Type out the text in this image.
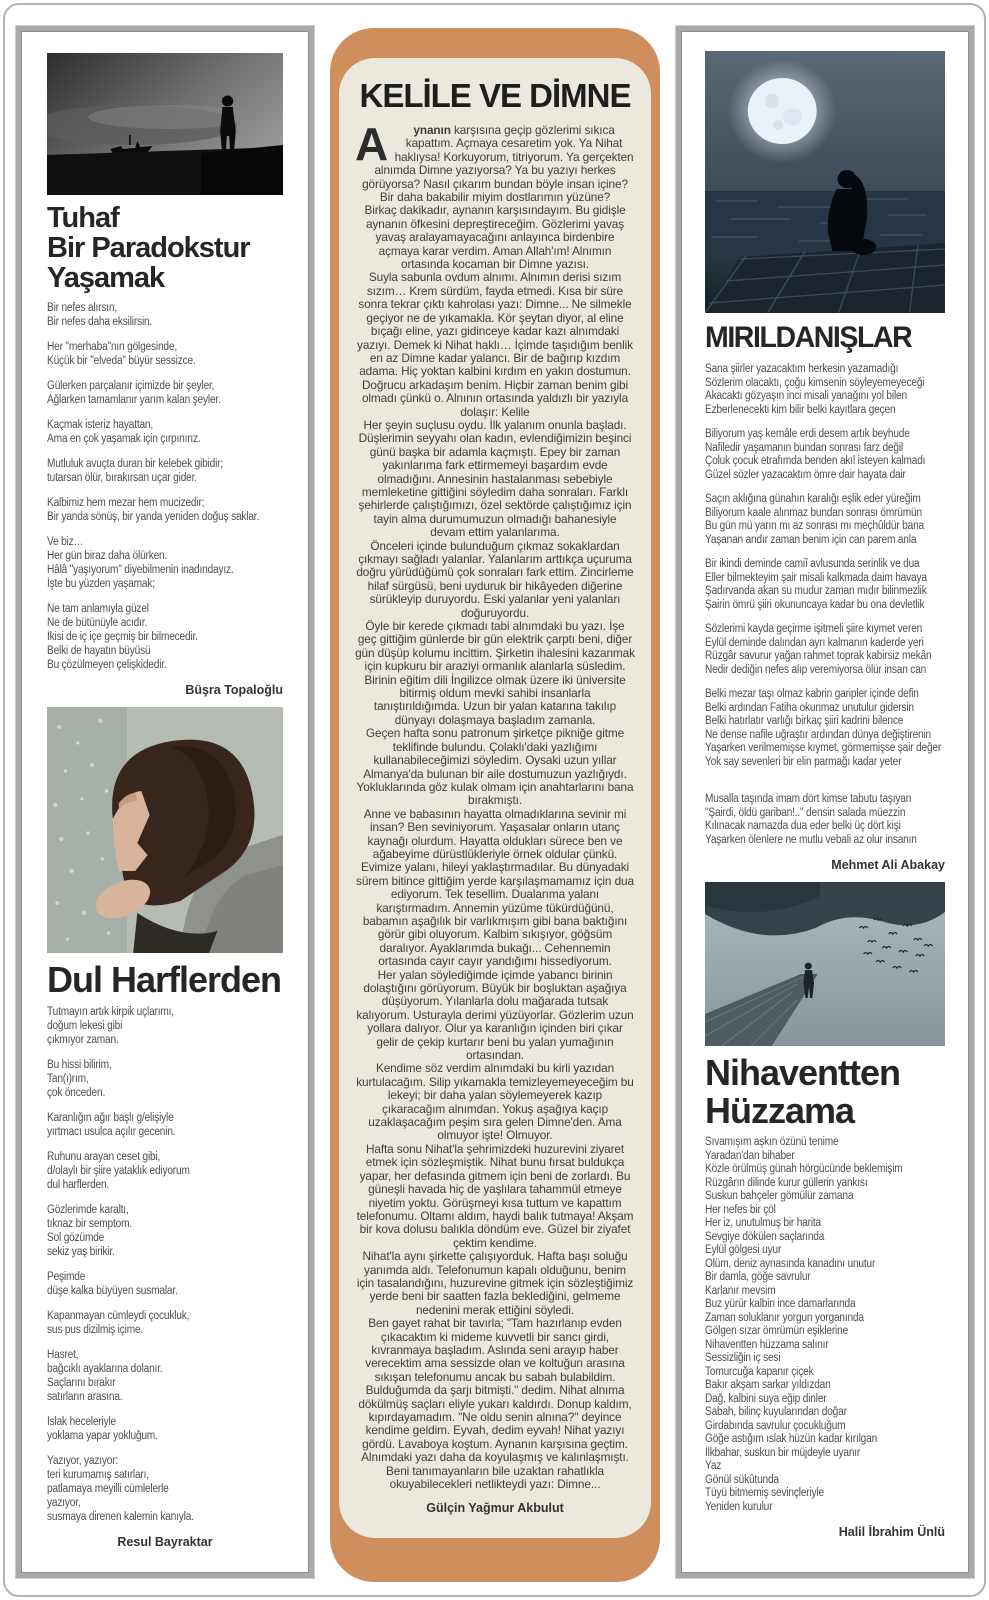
Tuhaf
Bir Paradokstur
Yaşamak
Bir nefes alırsın,
Bir nefes daha eksilirsin.
Her "merhaba"nın gölgesinde,
Küçük bir "elveda" büyür sessizce.
Gülerken parçalanır içimizde bir şeyler,
Ağlarken tamamlanır yarım kalan şeyler.
Kaçmak isteriz hayattan,
Ama en çok yaşamak için çırpınırız.
Mutluluk avuçta duran bir kelebek gibidir;
tutarsan ölür, bırakırsan uçar gider.
Kalbimiz hem mezar hem mucizedir;
Bir yanda sönüş, bir yanda yeniden doğuş saklar.
Ve biz…
Her gün biraz daha ölürken.
Hâlâ "yaşıyorum" diyebilmenin inadındayız.
İşte bu yüzden yaşamak;
Ne tam anlamıyla güzel
Ne de bütünüyle acıdır.
İkisi de iç içe geçmiş bir bilmecedir.
Belki de hayatın büyüsü
Bu çözülmeyen çelişkidedir.
Büşra Topaloğlu
Dul Harflerden
Tutmayın artık kirpik uçlarımı,
doğum lekesi gibi
çıkmıyor zaman.
Bu hissi bilirim,
Tan(ı)rım,
çok önceden.
Karanlığın ağır başlı g/elişiyle
yırtmacı usulca açılır gecenin.
Ruhunu arayan ceset gibi,
d/olaylı bir şiire yataklık ediyorum
dul harflerden.
Gözlerimde karaltı,
tıknaz bir semptom.
Sol gözümde
sekiz yaş birikir.
Peşimde
düşe kalka büyüyen susmalar.
Kapanmayan cümleydi çocukluk,
sus pus dizilmiş içime.
Hasret,
bağcıklı ayaklarına dolanır.
Saçlarını bırakır
satırların arasına.
Islak heceleriyle
yoklama yapar yokluğum.
Yazıyor, yazıyor:
teri kurumamış satırları,
patlamaya meyilli cümlelerle
yazıyor,
susmaya direnen kalemin kanıyla.
Resul Bayraktar
KELİLE VE DİMNE

A	ynanın karşısına geçip gözlerimi sıkıca kapattım. Açmaya cesaretim yok. Ya Nihat haklıysa! Korkuyorum, titriyorum. Ya gerçekten alnımda Dimne yazıyorsa? Ya bu yazıyı herkes görüyorsa? Nasıl çıkarım bundan böyle insan içine? Bir daha bakabilir miyim dostlarımın yüzüne?

Birkaç dakikadır, aynanın karşısındayım. Bu gidişle aynanın öfkesini depreştireceğim. Gözlerimi yavaş yavaş aralayamayacağını anlayınca birdenbire açmaya karar verdim. Aman Allah'ım! Alnımın ortasında kocaman bir Dimne yazısı.

Suyla sabunla ovdum alnımı. Alnımın derisi sızım sızım… Krem sürdüm, fayda etmedi. Kısa bir süre sonra tekrar çıktı kahrolası yazı: Dimne... Ne silmekle geçiyor ne de yıkamakla. Kör şeytan diyor, al eline bıçağı eline, yazı gidinceye kadar kazı alnımdaki yazıyı. Demek ki Nihat haklı… İçimde taşıdığım benlik en az Dimne kadar yalancı. Bir de bağırıp kızdım adama. Hiç yoktan kalbini kırdım en yakın dostumun. Doğrucu arkadaşım benim. Hiçbir zaman benim gibi olmadı çünkü o. Alnının ortasında yaldızlı bir yazıyla dolaşır: Kelile

Her şeyin suçlusu oydu. İlk yalanım onunla başladı. Düşlerimin seyyahı olan kadın, evlendiğimizin beşinci günü başka bir adamla kaçmıştı. Epey bir zaman yakınlarıma fark ettirmemeyi başardım evde olmadığını. Annesinin hastalanması sebebiyle memleketine gittiğini söyledim daha sonraları. Farklı şehirlerde çalıştığımızı, özel sektörde çalıştığımız için tayin alma durumumuzun olmadığı bahanesiyle devam ettim yalanlarıma.

Önceleri içinde bulunduğum çıkmaz sokaklardan çıkmayı sağladı yalanlar. Yalanlarım arttıkça uçuruma doğru yürüdüğümü çok sonraları fark ettim. Zincirleme hilaf sürgüsü, beni uyduruk bir hikâyeden diğerine sürükleyip duruyordu. Eski yalanlar yeni yalanları doğuruyordu.

Öyle bir kerede çıkmadı tabi alnımdaki bu yazı. İşe geç gittiğim günlerde bir gün elektrik çarptı beni, diğer gün düşüp kolumu incittim. Şirketin ihalesini kazanmak için kupkuru bir araziyi ormanlık alanlarla süsledim. Birinin eğitim dili İngilizce olmak üzere iki üniversite bitirmiş oldum mevki sahibi insanlarla tanıştırıldığımda. Uzun bir yalan katarına takılıp dünyayı dolaşmaya başladım zamanla.

Geçen hafta sonu patronum şirketçe pikniğe gitme teklifinde bulundu. Çolaklı'daki yazlığımı kullanabileceğimizi söyledim. Oysaki uzun yıllar Almanya'da bulunan bir aile dostumuzun yazlığıydı. Yokluklarında göz kulak olmam için anahtarlarını bana bırakmıştı.

Anne ve babasının hayatta olmadıklarına sevinir mi insan? Ben seviniyorum. Yaşasalar onların utanç kaynağı olurdum. Hayatta oldukları sürece ben ve ağabeyime dürüstlükleriyle örnek oldular çünkü. Evimize yalanı, hileyi yaklaştırmadılar. Bu dünyadaki sürem bitince gittiğim yerde karşılaşmamamız için dua ediyorum. Tek tesellim. Dualarıma yalanı karıştırmadım. Annemin yüzüme tükürdüğünü, babamın aşağılık bir varlıkmışım gibi bana baktığını görür gibi oluyorum. Kalbim sıkışıyor, göğsüm daralıyor. Ayaklarımda bukağı... Cehennemin ortasında cayır cayır yandığımı hissediyorum.

Her yalan söylediğimde içimde yabancı birinin dolaştığını görüyorum. Büyük bir boşluktan aşağıya düşüyorum. Yılanlarla dolu mağarada tutsak kalıyorum. Usturayla derimi yüzüyorlar. Gözlerim uzun yollara dalıyor. Olur ya karanlığın içinden biri çıkar gelir de çekip kurtarır beni bu yalan yumağının ortasından.

Kendime söz verdim alnımdaki bu kirli yazıdan kurtulacağım. Silip yıkamakla temizleyemeyeceğim bu lekeyi; bir daha yalan söylemeyerek kazıp çıkaracağım alnımdan. Yokuş aşağıya kaçıp uzaklaşacağım peşim sıra gelen Dimne'den. Ama olmuyor işte! Olmuyor.

Hafta sonu Nihat'la şehrimizdeki huzurevini ziyaret etmek için sözleşmiştik. Nihat bunu fırsat buldukça yapar, her defasında gitmem için beni de zorlardı. Bu güneşli havada hiç de yaşlılara tahammül etmeye niyetim yoktu. Görüşmeyi kısa tuttum ve kapattım telefonumu. Oltamı aldım, haydi balık tutmaya! Akşam bir kova dolusu balıkla döndüm eve. Güzel bir ziyafet çektim kendime.

Nihat'la aynı şirkette çalışıyorduk. Hafta başı soluğu yanımda aldı. Telefonumun kapalı olduğunu, benim için tasalandığını, huzurevine gitmek için sözleştiğimiz yerde beni bir saatten fazla beklediğini, gelmeme nedenini merak ettiğini söyledi.

Ben gayet rahat bir tavırla; "Tam hazırlanıp evden çıkacaktım ki mideme kuvvetli bir sancı girdi, kıvranmaya başladım. Aslında seni arayıp haber verecektim ama sessizde olan ve koltuğun arasına sıkışan telefonumu ancak bu sabah bulabildim. Bulduğumda da şarjı bitmişti." dedim. Nihat alnıma dökülmüş saçları eliyle yukarı kaldırdı. Donup kaldım, kıpırdayamadım. "Ne oldu senin alnına?" deyince kendime geldim. Eyvah, dedim eyvah! Nihat yazıyı gördü. Lavaboya koştum. Aynanın karşısına geçtim. Alnımdaki yazı daha da koyulaşmış ve kalınlaşmıştı. Beni tanımayanların bile uzaktan rahatlıkla okuyabilecekleri netlikteydi yazı: Dimne...

Gülçin Yağmur Akbulut
MIRILDANIŞLAR
Sana şiirler yazacaktım herkesin yazamadığı
Sözlerim olacaktı, çoğu kimsenin söyleyemeyeceği
Akacaktı gözyaşın inci misali yanağını yol bilen
Ezberlenecekti kim bilir belki kayıtlara geçen
Biliyorum yaş kemâle erdi desem artık beyhude
Nafiledir yaşamanın bundan sonrası farz değil
Çoluk çocuk etrafımda benden akıl isteyen kalmadı
Güzel sözler yazacaktım ömre dair hayata dair
Saçın aklığına günahın karalığı eşlik eder yüreğim
Biliyorum kaale alınmaz bundan sonrası ömrümün
Bu gün mü yarın mı az sonrası mı meçhûldür bana
Yaşanan andır zaman benim için can parem anla
Bir ikindi deminde camiî avlusunda serinlik ve dua
Eller bilmekteyim şair misali kalkmada daim havaya
Şadırvanda akan su mudur zaman mıdır bilinmezlik
Şairin ömrü şiiri okununcaya kadar bu ona devletlik
Sözlerimi kayda geçirme işitmeli şiire kıymet veren
Eylül deminde dalından ayrı kalmanın kaderde yeri
Rüzgâr savurur yağan rahmet toprak kabirsiz mekân
Nedir dediğin nefes alıp veremiyorsa ölür insan can
Belki mezar taşı olmaz kabrin garipler içinde defin
Belki ardından Fatiha okunmaz unutulur gidersin
Belki hatırlatır varlığı birkaç şiiri kadrini bilence
Ne dense nafile uğraştır ardından dünya değiştirenin
Yaşarken verilmemişse kıymet, görmemişse şair değer
Yok say sevenleri bir elin parmağı kadar yeter
Musalla taşında imam dört kimse tabutu taşıyan
"Şairdi, öldü gariban!.." densin salada müezzin
Kılınacak namazda dua eder belki üç dört kişi
Yaşarken ölenlere ne mutlu vebali az olur insanın
Mehmet Ali Abakay
Nihaventten
Hüzzama
Sıvamışım aşkın özünü tenime
Yaradan'dan bihaber
Közle örülmüş günah hörgücünde beklemişim
Rüzgârın dilinde kurur güllerin yankısı
Suskun bahçeler gömülür zamana
Her nefes bir çöl
Her iz, unutulmuş bir harita
Sevgiye dökülen saçlarında
Eylül gölgesi uyur
Ölüm, deniz aynasında kanadını unutur
Bir damla, göğe savrulur
Karlanır mevsim
Buz yürür kalbin ince damarlarında
Zaman soluklanır yorgun yorganında
Gölgen sızar ömrümün eşiklerine
Nihaventten hüzzama salınır
Sessizliğin iç sesi
Tomurcuğa kapanır çiçek
Bakır akşam sarkar yıldızdan
Dağ, kalbini suya eğip dinler
Sabah, bilinç kuyularından doğar
Girdabında savrulur çocukluğum
Göğe astığım ıslak hüzün kadar kırılgan
İlkbahar, suskun bir müjdeyle uyanır
Yaz
Gönül sükûtunda
Tüyü bitmemiş sevinçleriyle
Yeniden kurulur
Halil İbrahim Ünlü
